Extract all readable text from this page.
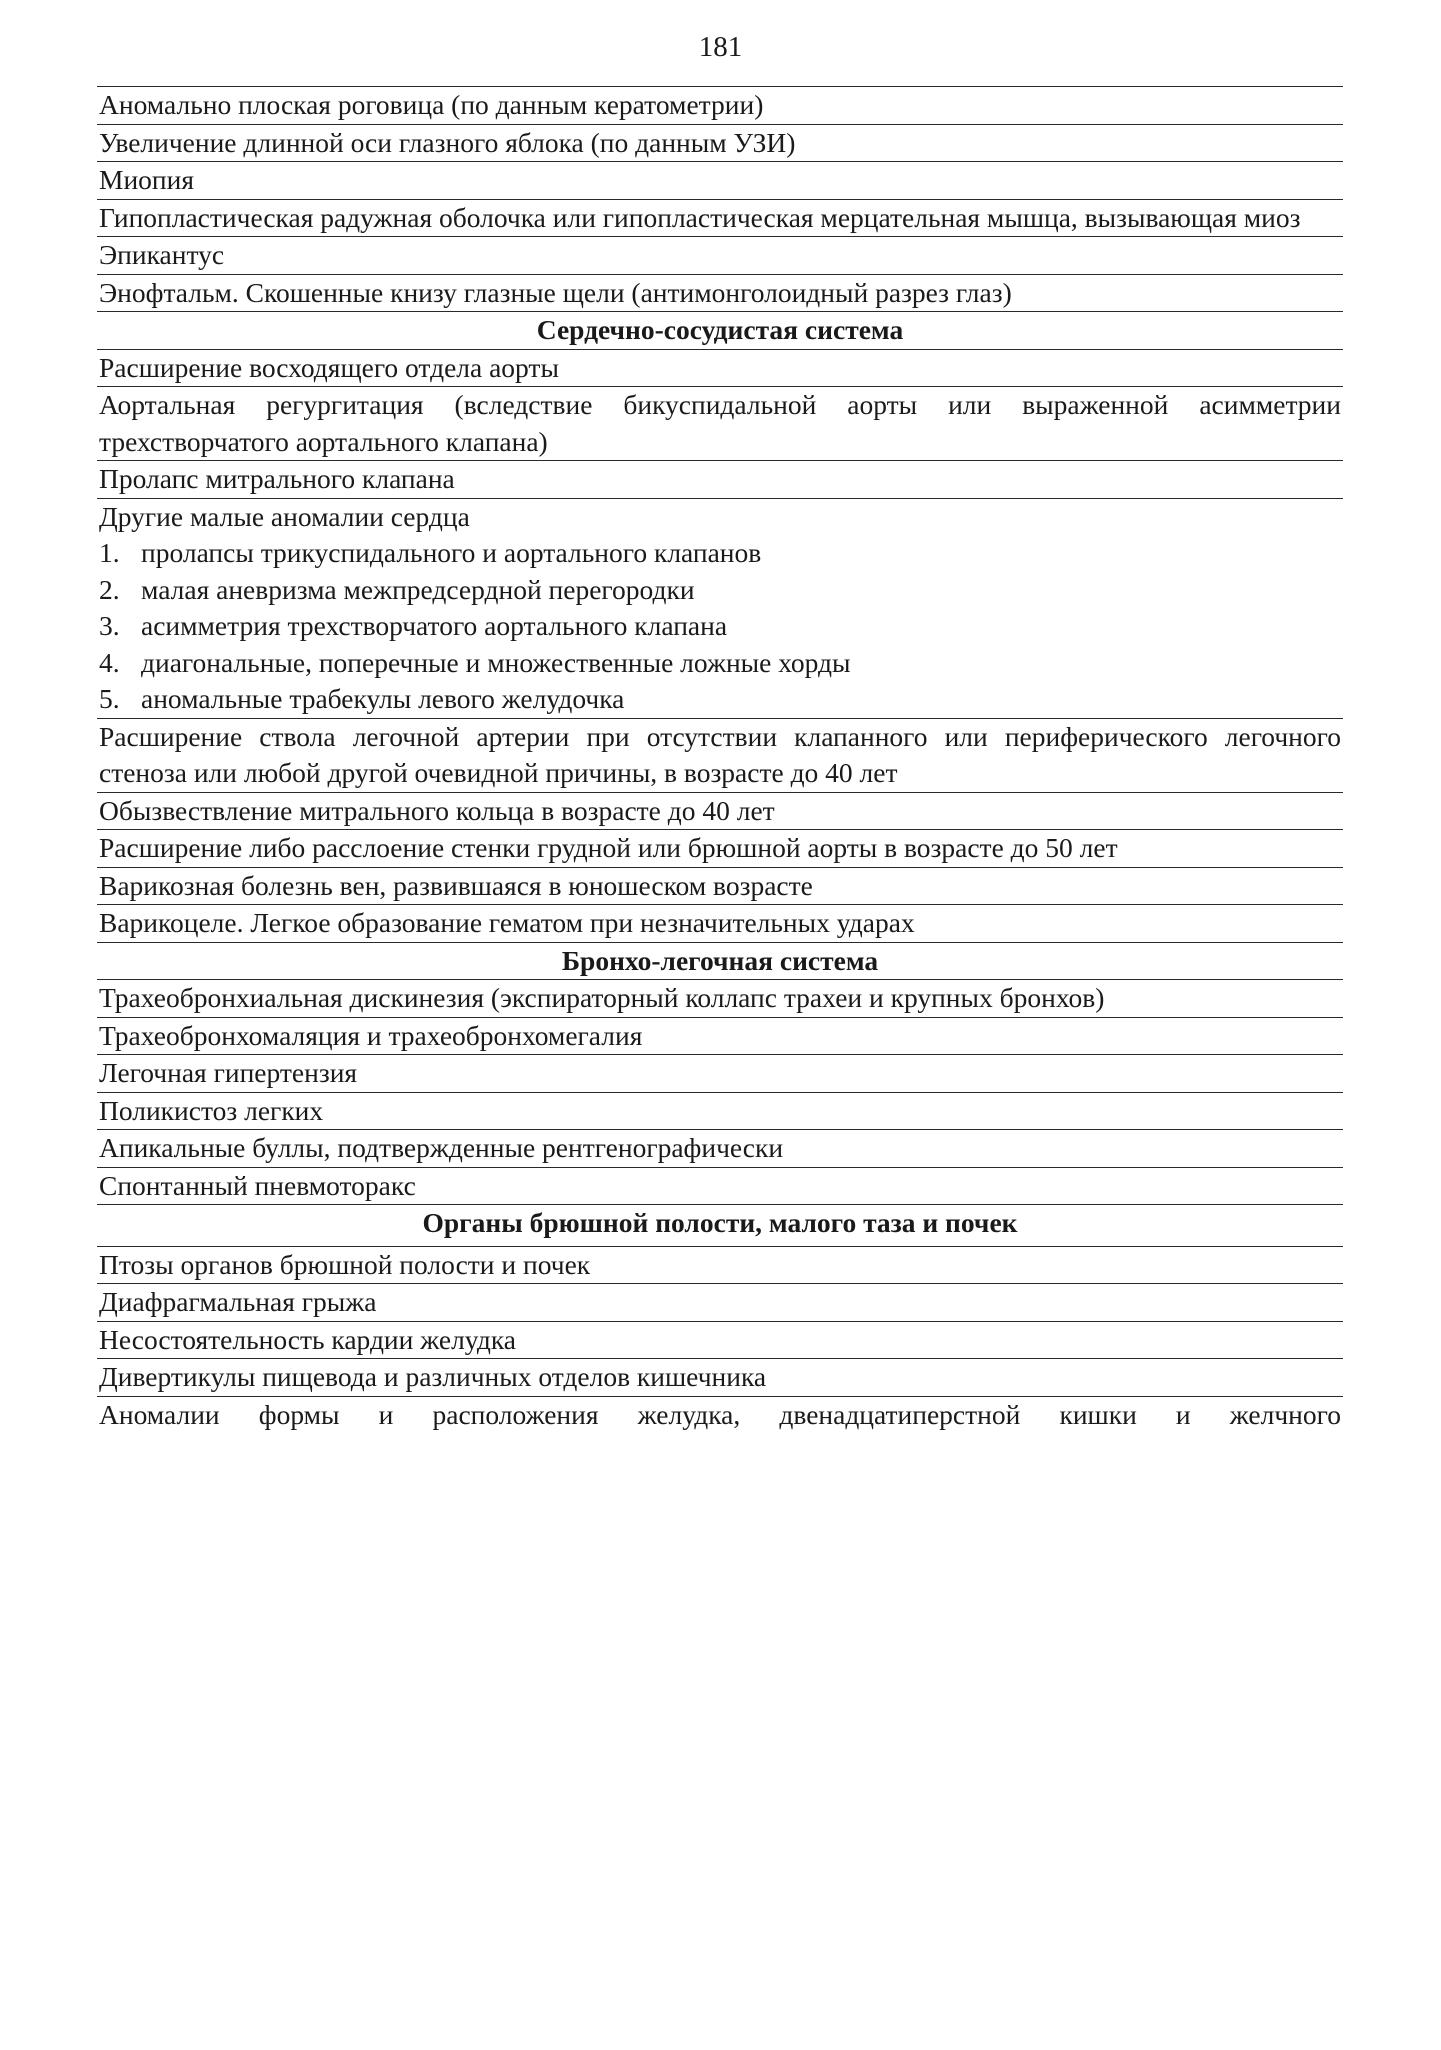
181
Аномально плоская роговица (по данным кератометрии)
Увеличение длинной оси глазного яблока (по данным УЗИ)
Миопия
Гипопластическая радужная оболочка или гипопластическая мерцательная мышца, вызывающая миоз
Эпикантус
Энофтальм. Скошенные книзу глазные щели (антимонголоидный разрез глаз)
Сердечно-сосудистая система
Расширение восходящего отдела аорты
Аортальная регургитация (вследствие бикуспидальной аорты или выраженной асимметрии трехстворчатого аортального клапана)
Пролапс митрального клапана
Другие малые аномалии сердца
1. пролапсы трикуспидального и аортального клапанов
2. малая аневризма межпредсердной перегородки
3. асимметрия трехстворчатого аортального клапана
4. диагональные, поперечные и множественные ложные хорды
5. аномальные трабекулы левого желудочка
Расширение ствола легочной артерии при отсутствии клапанного или периферического легочного стеноза или любой другой очевидной причины, в возрасте до 40 лет
Обызвествление митрального кольца в возрасте до 40 лет
Расширение либо расслоение стенки грудной или брюшной аорты в возрасте до 50 лет
Варикозная болезнь вен, развившаяся в юношеском возрасте
Варикоцеле. Легкое образование гематом при незначительных ударах
Бронхо-легочная система
Трахеобронхиальная дискинезия (экспираторный коллапс трахеи и крупных бронхов)
Трахеобронхомаляция и трахеобронхомегалия
Легочная гипертензия
Поликистоз легких
Апикальные буллы, подтвержденные рентгенографически
Спонтанный пневмоторакс
Органы брюшной полости, малого таза и почек
Птозы органов брюшной полости и почек
Диафрагмальная грыжа
Несостоятельность кардии желудка
Дивертикулы пищевода и различных отделов кишечника
Аномалии формы и расположения желудка, двенадцатиперстной кишки и желчного
